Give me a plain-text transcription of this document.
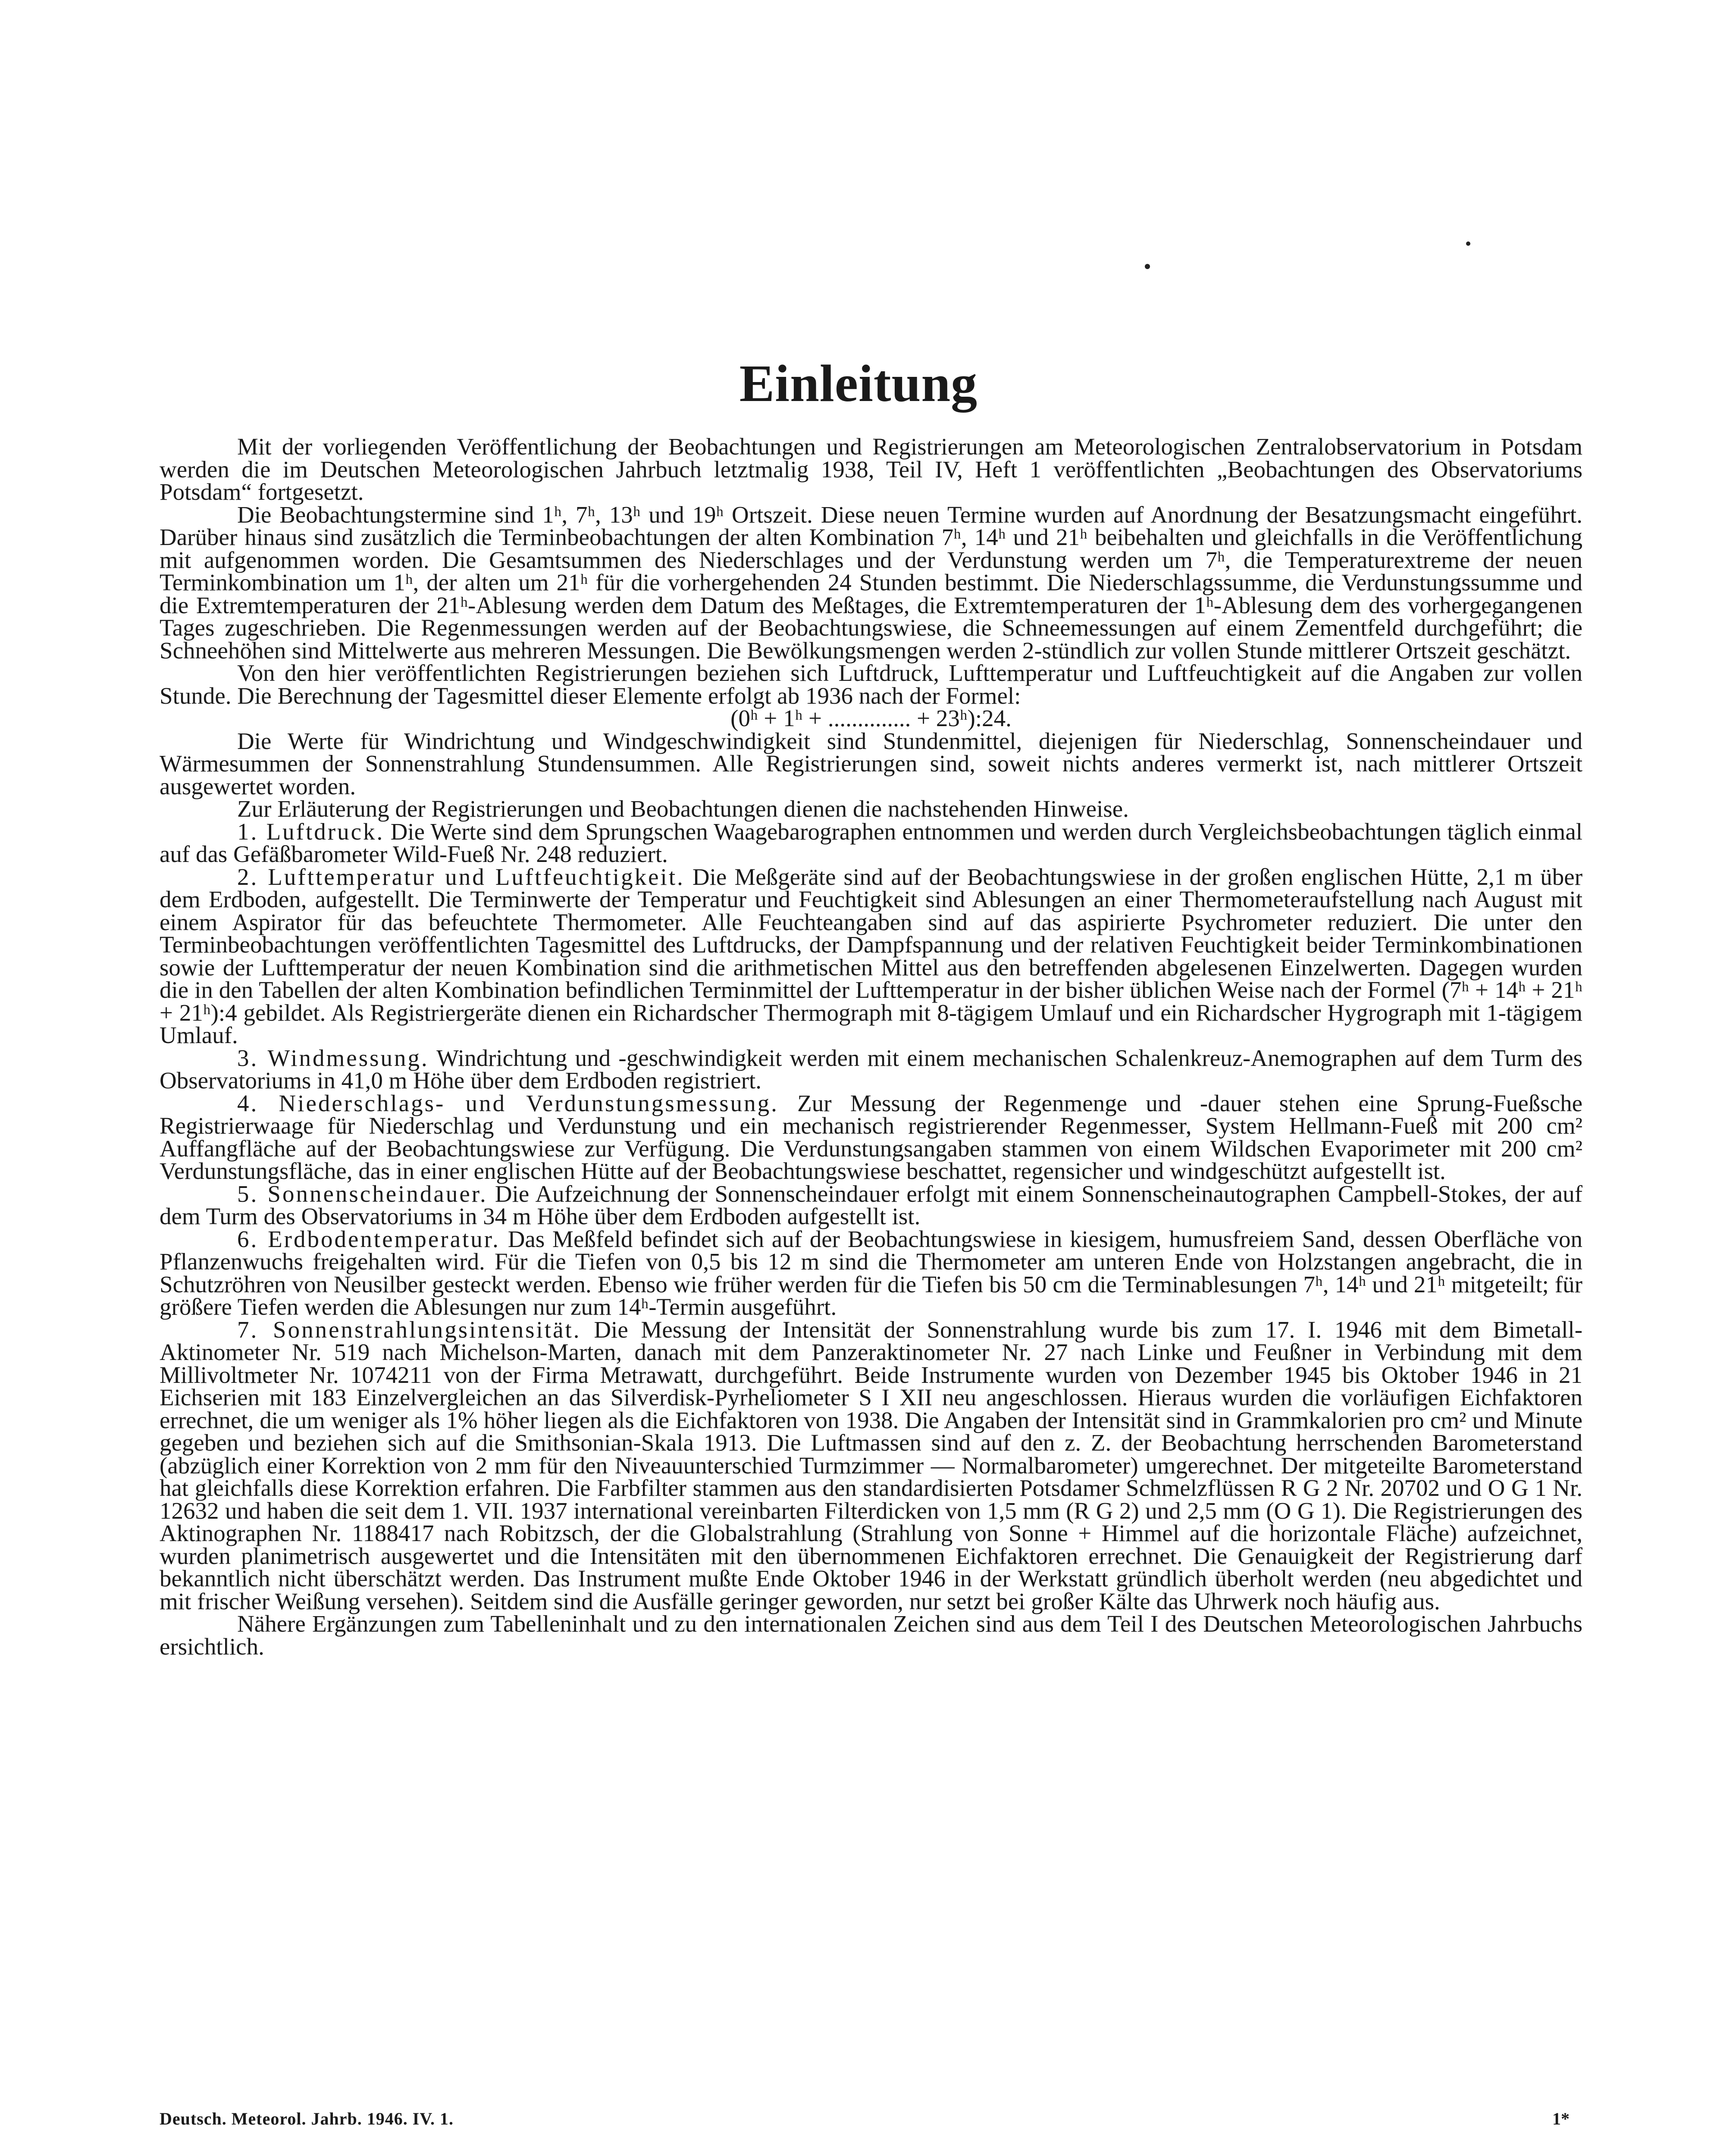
Einleitung

Mit der vorliegenden Veröffentlichung der Beobachtungen und Registrierungen am Meteorologischen Zentralobservatorium in Potsdam werden die im Deutschen Meteorologischen Jahrbuch letztmalig 1938, Teil IV, Heft 1 veröffentlichten „Beobachtungen des Observatoriums Potsdam“ fortgesetzt.

Die Beobachtungstermine sind 1ʰ, 7ʰ, 13ʰ und 19ʰ Ortszeit. Diese neuen Termine wurden auf Anordnung der Besatzungsmacht eingeführt. Darüber hinaus sind zusätzlich die Terminbeobachtungen der alten Kombination 7ʰ, 14ʰ und 21ʰ beibehalten und gleichfalls in die Veröffentlichung mit aufgenommen worden. Die Gesamtsummen des Niederschlages und der Verdunstung werden um 7ʰ, die Temperaturextreme der neuen Terminkombination um 1ʰ, der alten um 21ʰ für die vorhergehenden 24 Stunden bestimmt. Die Niederschlagssumme, die Verdunstungssumme und die Extremtemperaturen der 21ʰ-Ablesung werden dem Datum des Meßtages, die Extremtemperaturen der 1ʰ-Ablesung dem des vorhergegangenen Tages zugeschrieben. Die Regenmessungen werden auf der Beobachtungswiese, die Schneemessungen auf einem Zementfeld durchgeführt; die Schneehöhen sind Mittelwerte aus mehreren Messungen. Die Bewölkungsmengen werden 2-stündlich zur vollen Stunde mittlerer Ortszeit geschätzt.

Von den hier veröffentlichten Registrierungen beziehen sich Luftdruck, Lufttemperatur und Luftfeuchtigkeit auf die Angaben zur vollen Stunde. Die Berechnung der Tagesmittel dieser Elemente erfolgt ab 1936 nach der Formel:

(0ʰ + 1ʰ + .............. + 23ʰ):24.

Die Werte für Windrichtung und Windgeschwindigkeit sind Stundenmittel, diejenigen für Niederschlag, Sonnenscheindauer und Wärmesummen der Sonnenstrahlung Stundensummen. Alle Registrierungen sind, soweit nichts anderes vermerkt ist, nach mittlerer Ortszeit ausgewertet worden.

Zur Erläuterung der Registrierungen und Beobachtungen dienen die nachstehenden Hinweise.

1. Luftdruck. Die Werte sind dem Sprungschen Waagebarographen entnommen und werden durch Vergleichsbeobachtungen täglich einmal auf das Gefäßbarometer Wild-Fueß Nr. 248 reduziert.

2. Lufttemperatur und Luftfeuchtigkeit. Die Meßgeräte sind auf der Beobachtungswiese in der großen englischen Hütte, 2,1 m über dem Erdboden, aufgestellt. Die Terminwerte der Temperatur und Feuchtigkeit sind Ablesungen an einer Thermometeraufstellung nach August mit einem Aspirator für das befeuchtete Thermometer. Alle Feuchteangaben sind auf das aspirierte Psychrometer reduziert. Die unter den Terminbeobachtungen veröffentlichten Tagesmittel des Luftdrucks, der Dampfspannung und der relativen Feuchtigkeit beider Terminkombinationen sowie der Lufttemperatur der neuen Kombination sind die arithmetischen Mittel aus den betreffenden abgelesenen Einzelwerten. Dagegen wurden die in den Tabellen der alten Kombination befindlichen Terminmittel der Lufttemperatur in der bisher üblichen Weise nach der Formel (7ʰ + 14ʰ + 21ʰ + 21ʰ):4 gebildet. Als Registriergeräte dienen ein Richardscher Thermograph mit 8-tägigem Umlauf und ein Richardscher Hygrograph mit 1-tägigem Umlauf.

3. Windmessung. Windrichtung und -geschwindigkeit werden mit einem mechanischen Schalenkreuz-Anemographen auf dem Turm des Observatoriums in 41,0 m Höhe über dem Erdboden registriert.

4. Niederschlags- und Verdunstungsmessung. Zur Messung der Regenmenge und -dauer stehen eine Sprung-Fueßsche Registrierwaage für Niederschlag und Verdunstung und ein mechanisch registrierender Regenmesser, System Hellmann-Fueß mit 200 cm² Auffangfläche auf der Beobachtungswiese zur Verfügung. Die Verdunstungsangaben stammen von einem Wildschen Evaporimeter mit 200 cm² Verdunstungsfläche, das in einer englischen Hütte auf der Beobachtungswiese beschattet, regensicher und windgeschützt aufgestellt ist.

5. Sonnenscheindauer. Die Aufzeichnung der Sonnenscheindauer erfolgt mit einem Sonnenscheinautographen Campbell-Stokes, der auf dem Turm des Observatoriums in 34 m Höhe über dem Erdboden aufgestellt ist.

6. Erdbodentemperatur. Das Meßfeld befindet sich auf der Beobachtungswiese in kiesigem, humusfreiem Sand, dessen Oberfläche von Pflanzenwuchs freigehalten wird. Für die Tiefen von 0,5 bis 12 m sind die Thermometer am unteren Ende von Holzstangen angebracht, die in Schutzröhren von Neusilber gesteckt werden. Ebenso wie früher werden für die Tiefen bis 50 cm die Terminablesungen 7ʰ, 14ʰ und 21ʰ mitgeteilt; für größere Tiefen werden die Ablesungen nur zum 14ʰ-Termin ausgeführt.

7. Sonnenstrahlungsintensität. Die Messung der Intensität der Sonnenstrahlung wurde bis zum 17. I. 1946 mit dem Bimetall-Aktinometer Nr. 519 nach Michelson-Marten, danach mit dem Panzeraktinometer Nr. 27 nach Linke und Feußner in Verbindung mit dem Millivoltmeter Nr. 1074211 von der Firma Metrawatt, durchgeführt. Beide Instrumente wurden von Dezember 1945 bis Oktober 1946 in 21 Eichserien mit 183 Einzelvergleichen an das Silverdisk-Pyrheliometer S I XII neu angeschlossen. Hieraus wurden die vorläufigen Eichfaktoren errechnet, die um weniger als 1% höher liegen als die Eichfaktoren von 1938. Die Angaben der Intensität sind in Grammkalorien pro cm² und Minute gegeben und beziehen sich auf die Smithsonian-Skala 1913. Die Luftmassen sind auf den z. Z. der Beobachtung herrschenden Barometerstand (abzüglich einer Korrektion von 2 mm für den Niveauunterschied Turmzimmer — Normalbarometer) umgerechnet. Der mitgeteilte Barometerstand hat gleichfalls diese Korrektion erfahren. Die Farbfilter stammen aus den standardisierten Potsdamer Schmelzflüssen R G 2 Nr. 20702 und O G 1 Nr. 12632 und haben die seit dem 1. VII. 1937 international vereinbarten Filterdicken von 1,5 mm (R G 2) und 2,5 mm (O G 1). Die Registrierungen des Aktinographen Nr. 1188417 nach Robitzsch, der die Globalstrahlung (Strahlung von Sonne + Himmel auf die horizontale Fläche) aufzeichnet, wurden planimetrisch ausgewertet und die Intensitäten mit den übernommenen Eichfaktoren errechnet. Die Genauigkeit der Registrierung darf bekanntlich nicht überschätzt werden. Das Instrument mußte Ende Oktober 1946 in der Werkstatt gründlich überholt werden (neu abgedichtet und mit frischer Weißung versehen). Seitdem sind die Ausfälle geringer geworden, nur setzt bei großer Kälte das Uhrwerk noch häufig aus.

Nähere Ergänzungen zum Tabelleninhalt und zu den internationalen Zeichen sind aus dem Teil I des Deutschen Meteorologischen Jahrbuchs ersichtlich.

Deutsch. Meteorol. Jahrb. 1946. IV. 1.	1*
